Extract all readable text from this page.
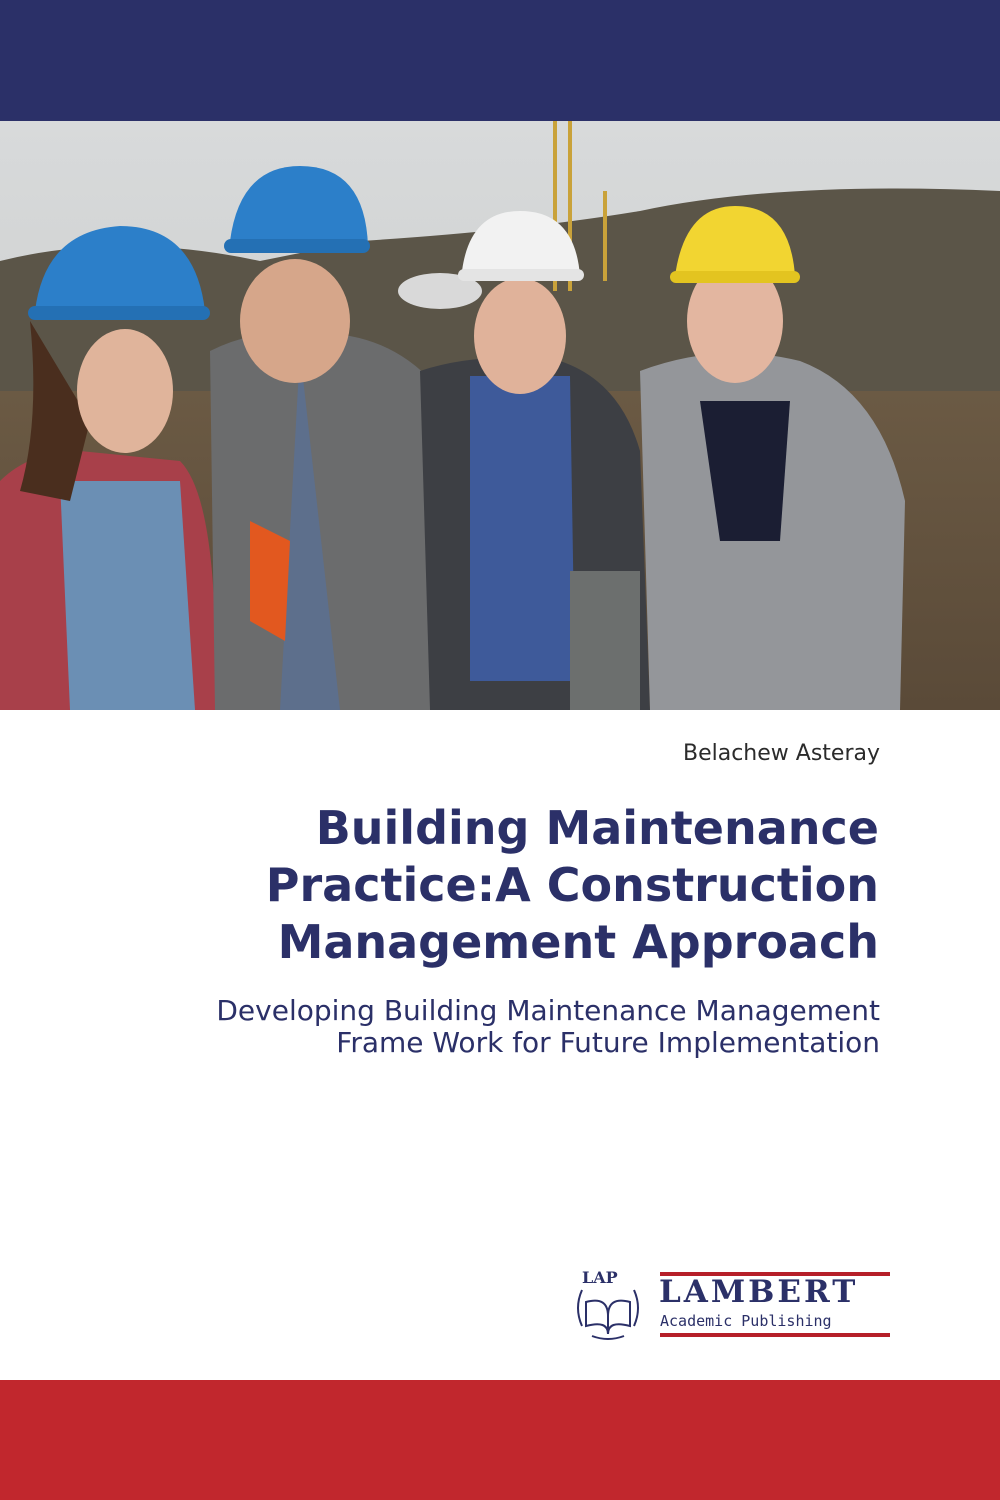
Belachew Asteray
Building Maintenance
Practice:A Construction
Management Approach
Developing Building Maintenance Management
Frame Work for Future Implementation
LAP LAMBERT
Academic Publishing
